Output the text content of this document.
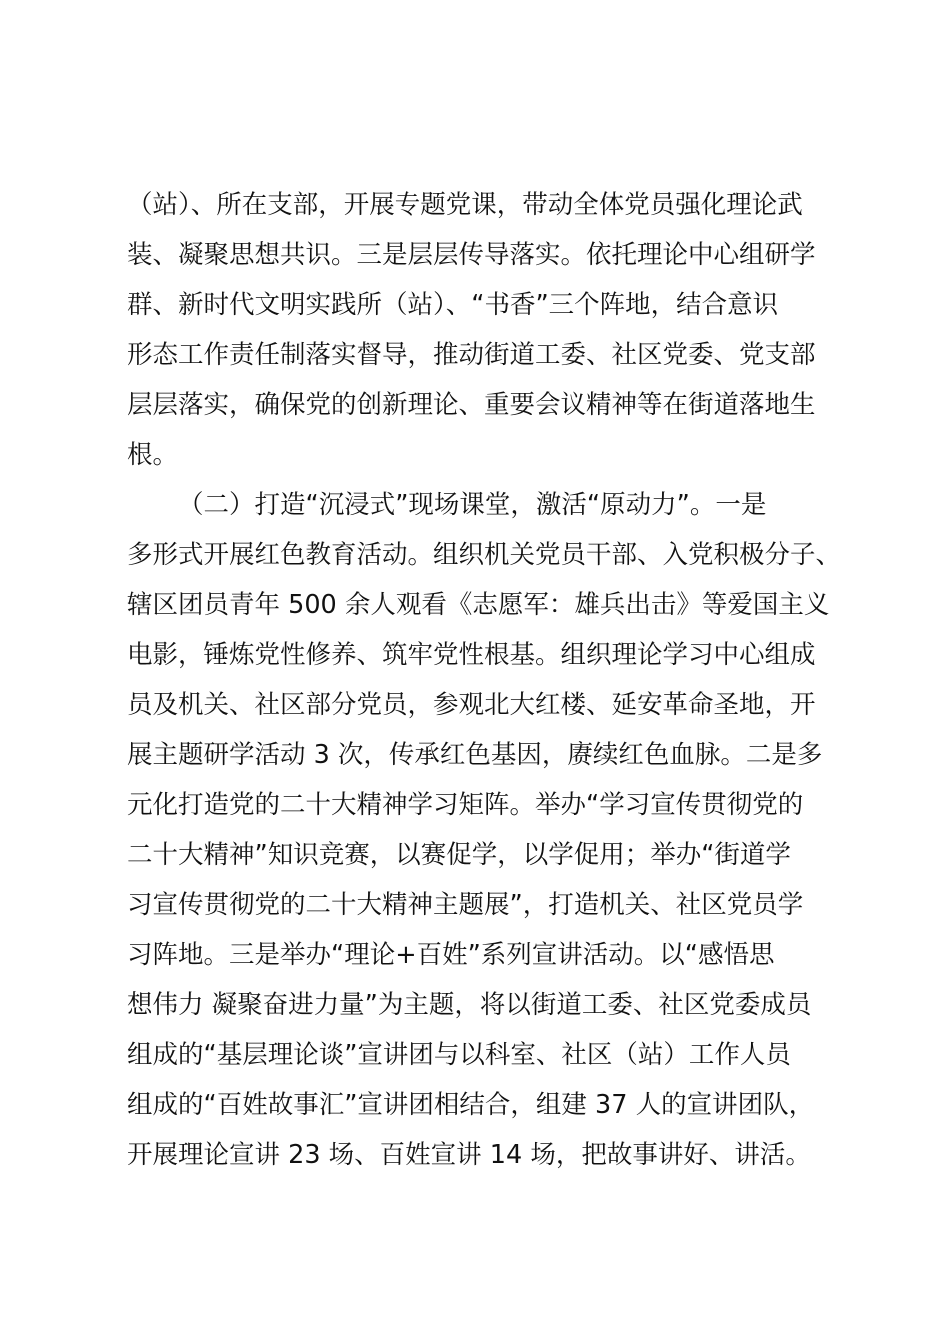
（站）、所在支部，开展专题党课，带动全体党员强化理论武
装、凝聚思想共识。三是层层传导落实。依托理论中心组研学
群、新时代文明实践所（站）、“书香”三个阵地，结合意识
形态工作责任制落实督导，推动街道工委、社区党委、党支部
层层落实，确保党的创新理论、重要会议精神等在街道落地生
根。
（二）打造“沉浸式”现场课堂，激活“原动力”。一是
多形式开展红色教育活动。组织机关党员干部、入党积极分子、
辖区团员青年 500 余人观看《志愿军：雄兵出击》等爱国主义
电影，锤炼党性修养、筑牢党性根基。组织理论学习中心组成
员及机关、社区部分党员，参观北大红楼、延安革命圣地，开
展主题研学活动 3 次，传承红色基因，赓续红色血脉。二是多
元化打造党的二十大精神学习矩阵。举办“学习宣传贯彻党的
二十大精神”知识竞赛，以赛促学，以学促用；举办“街道学
习宣传贯彻党的二十大精神主题展”，打造机关、社区党员学
习阵地。三是举办“理论+百姓”系列宣讲活动。以“感悟思
想伟力 凝聚奋进力量”为主题，将以街道工委、社区党委成员
组成的“基层理论谈”宣讲团与以科室、社区（站）工作人员
组成的“百姓故事汇”宣讲团相结合，组建 37 人的宣讲团队，
开展理论宣讲 23 场、百姓宣讲 14 场，把故事讲好、讲活。
